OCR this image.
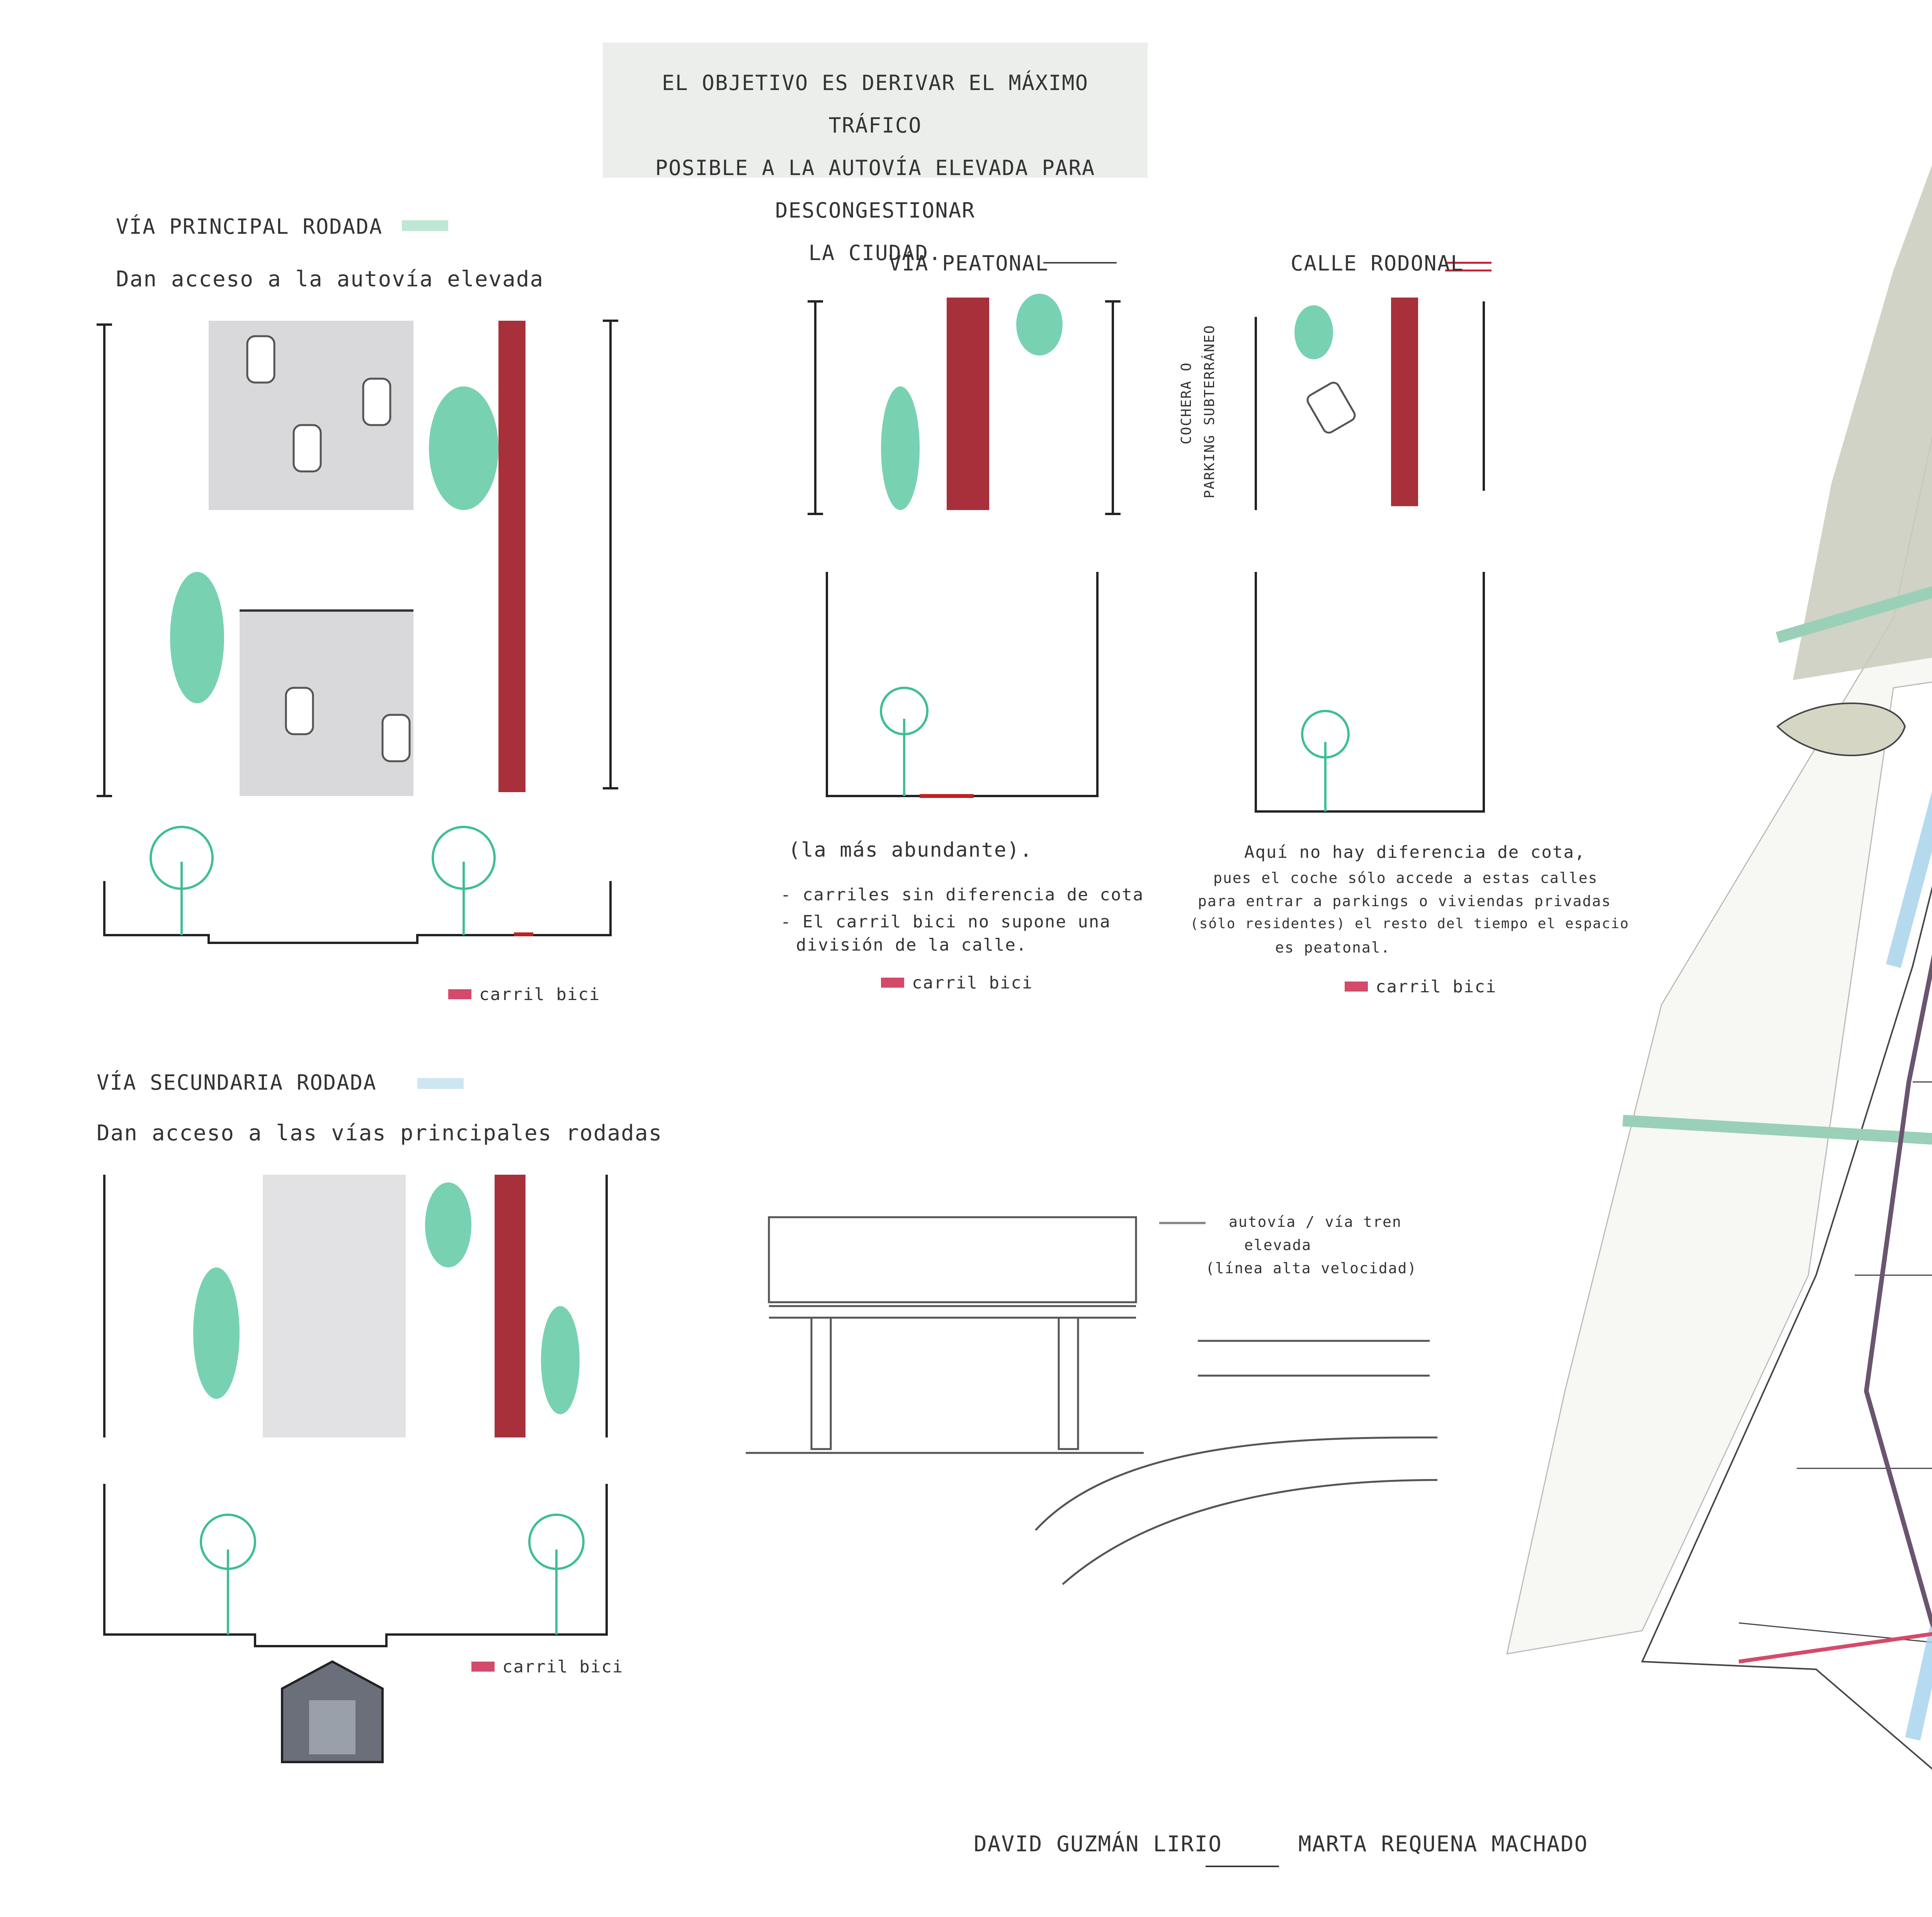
EL OBJETIVO ES DERIVAR EL MÁXIMO TRÁFICO
POSIBLE A LA AUTOVÍA ELEVADA PARA DESCONGESTIONAR
LA CIUDAD.
VÍA PRINCIPAL RODADA
Dan acceso a la autovía elevada
carril bici
VÍA PEATONAL
(la más abundante).
- carriles sin diferencia de cota
- El carril bici no supone una
división de la calle.
carril bici
CALLE RODONAL
COCHERA O PARKING SUBTERRÁNEO
Aquí no hay diferencia de cota,
pues el coche sólo accede a estas calles
para entrar a parkings o viviendas privadas
(sólo residentes) el resto del tiempo el espacio
es peatonal.
carril bici
VÍA SECUNDARIA RODADA
Dan acceso a las vías principales rodadas
carril bici
autovía / vía tren
elevada
(línea alta velocidad)
DAVID GUZMÁN LIRIO	MARTA REQUENA MACHADO
